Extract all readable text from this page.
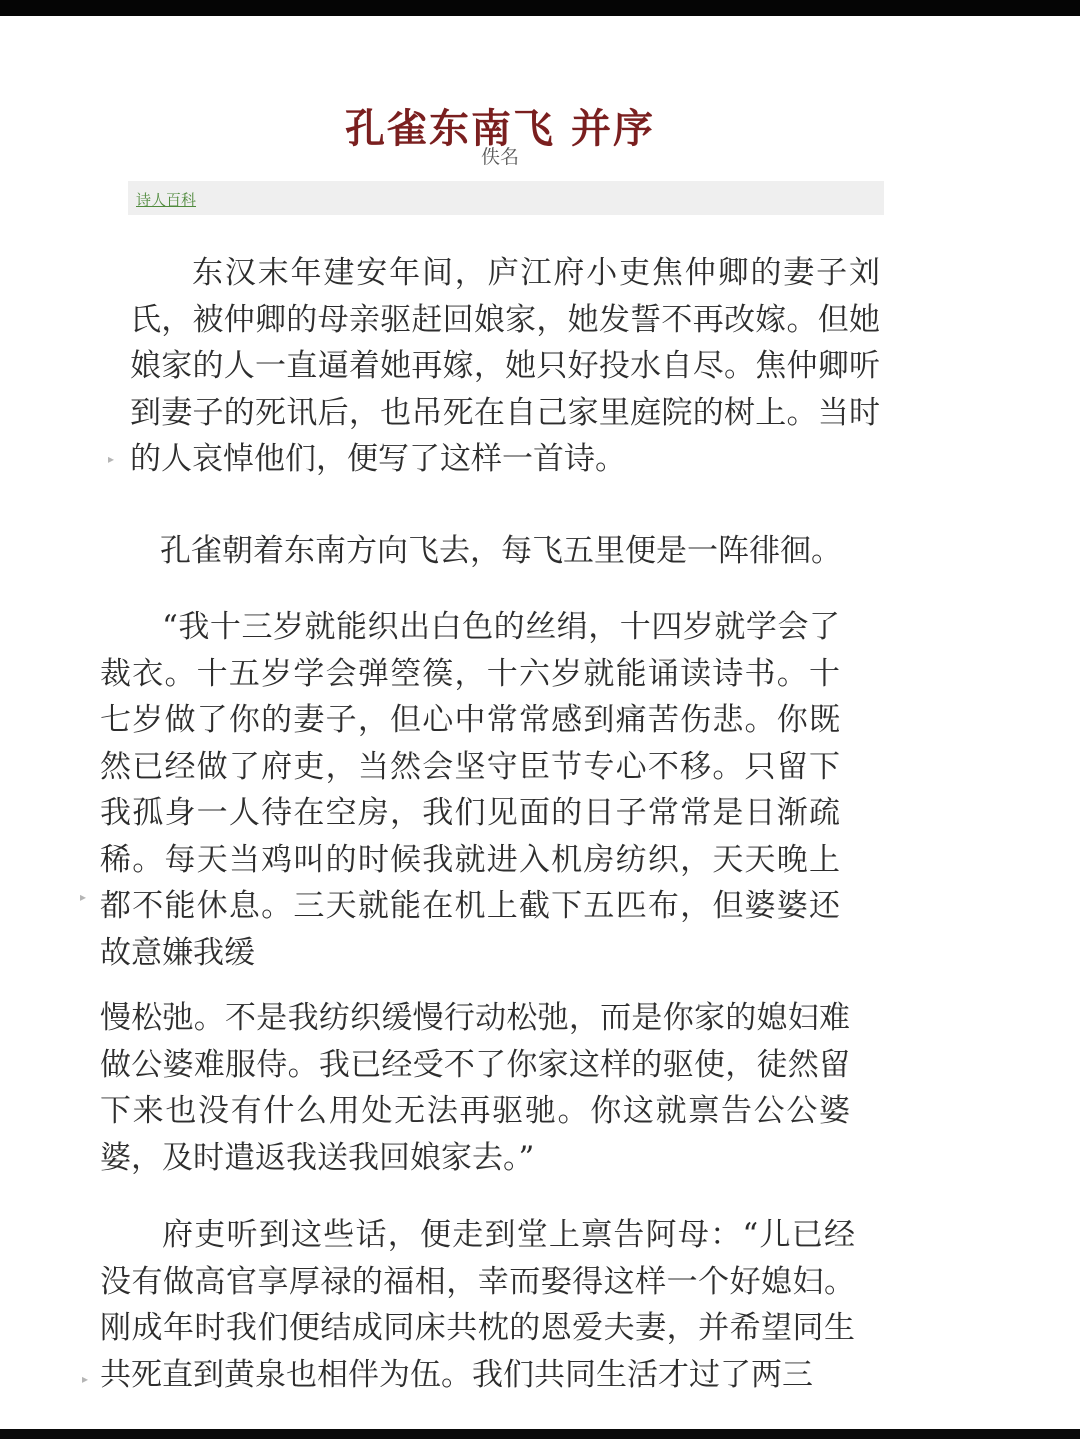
孔雀东南飞 并序
佚名
诗人百科
▸
▸
▸

东汉末年建安年间，庐江府小吏焦仲卿的妻子刘氏，被仲卿的母亲驱赶回娘家，她发誓不再改嫁。但她娘家的人一直逼着她再嫁，她只好投水自尽。焦仲卿听到妻子的死讯后，也吊死在自己家里庭院的树上。当时的人哀悼他们，便写了这样一首诗。

孔雀朝着东南方向飞去，每飞五里便是一阵徘徊。

“我十三岁就能织出白色的丝绢，十四岁就学会了裁衣。十五岁学会弹箜篌，十六岁就能诵读诗书。十七岁做了你的妻子，但心中常常感到痛苦伤悲。你既然已经做了府吏，当然会坚守臣节专心不移。只留下我孤身一人待在空房，我们见面的日子常常是日渐疏稀。每天当鸡叫的时候我就进入机房纺织，天天晚上都不能休息。三天就能在机上截下五匹布，但婆婆还故意嫌我缓

慢松弛。不是我纺织缓慢行动松弛，而是你家的媳妇难做公婆难服侍。我已经受不了你家这样的驱使，徒然留下来也没有什么用处无法再驱驰。你这就禀告公公婆婆，及时遣返我送我回娘家去。”

府吏听到这些话，便走到堂上禀告阿母：“儿已经没有做高官享厚禄的福相，幸而娶得这样一个好媳妇。刚成年时我们便结成同床共枕的恩爱夫妻，并希望同生共死直到黄泉也相伴为伍。我们共同生活才过了两三
